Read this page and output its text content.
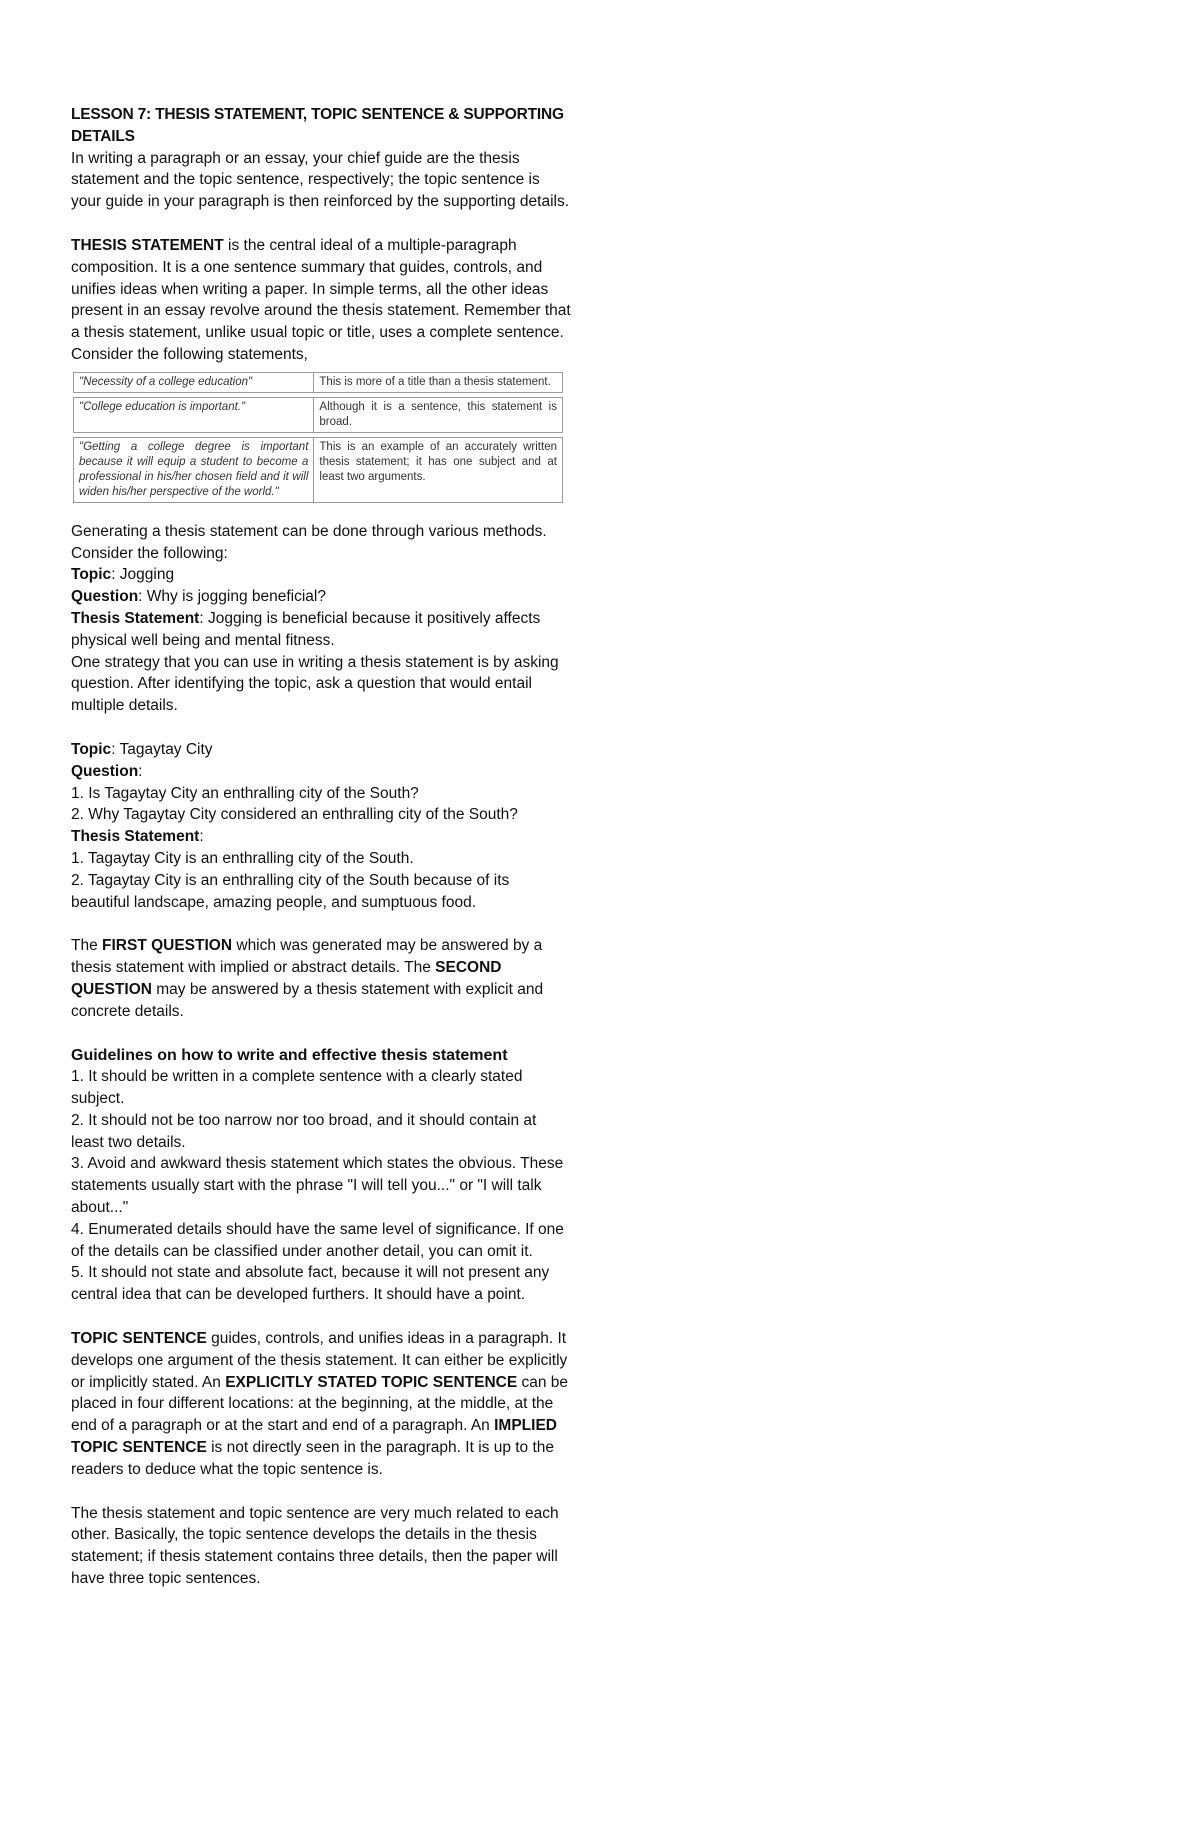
LESSON 7: THESIS STATEMENT, TOPIC SENTENCE & SUPPORTING DETAILS

In writing a paragraph or an essay, your chief guide are the thesis statement and the topic sentence, respectively; the topic sentence is your guide in your paragraph is then reinforced by the supporting details.

THESIS STATEMENT is the central ideal of a multiple-paragraph composition. It is a one sentence summary that guides, controls, and unifies ideas when writing a paper. In simple terms, all the other ideas present in an essay revolve around the thesis statement. Remember that a thesis statement, unlike usual topic or title, uses a complete sentence. Consider the following statements,

"Necessity of a college education"	This is more of a title than a thesis statement.
"College education is important."	Although it is a sentence, this statement is broad.
"Getting a college degree is important because it will equip a student to become a professional in his/her chosen field and it will widen his/her perspective of the world."	This is an example of an accurately written thesis statement; it has one subject and at least two arguments.

Generating a thesis statement can be done through various methods. Consider the following:

Topic: Jogging

Question: Why is jogging beneficial?

Thesis Statement: Jogging is beneficial because it positively affects physical well being and mental fitness.

One strategy that you can use in writing a thesis statement is by asking question. After identifying the topic, ask a question that would entail multiple details.

Topic: Tagaytay City

Question:

1. Is Tagaytay City an enthralling city of the South?

2. Why Tagaytay City considered an enthralling city of the South?

Thesis Statement:

1. Tagaytay City is an enthralling city of the South.

2. Tagaytay City is an enthralling city of the South because of its beautiful landscape, amazing people, and sumptuous food.

The FIRST QUESTION which was generated may be answered by a thesis statement with implied or abstract details. The SECOND QUESTION may be answered by a thesis statement with explicit and concrete details.

Guidelines on how to write and effective thesis statement

1. It should be written in a complete sentence with a clearly stated subject.

2. It should not be too narrow nor too broad, and it should contain at least two details.

3. Avoid and awkward thesis statement which states the obvious. These statements usually start with the phrase "I will tell you..." or "I will talk about..."

4. Enumerated details should have the same level of significance. If one of the details can be classified under another detail, you can omit it.

5. It should not state and absolute fact, because it will not present any central idea that can be developed furthers. It should have a point.

TOPIC SENTENCE guides, controls, and unifies ideas in a paragraph. It develops one argument of the thesis statement. It can either be explicitly or implicitly stated. An EXPLICITLY STATED TOPIC SENTENCE can be placed in four different locations: at the beginning, at the middle, at the end of a paragraph or at the start and end of a paragraph. An IMPLIED TOPIC SENTENCE is not directly seen in the paragraph. It is up to the readers to deduce what the topic sentence is.

The thesis statement and topic sentence are very much related to each other. Basically, the topic sentence develops the details in the thesis statement; if thesis statement contains three details, then the paper will have three topic sentences.
